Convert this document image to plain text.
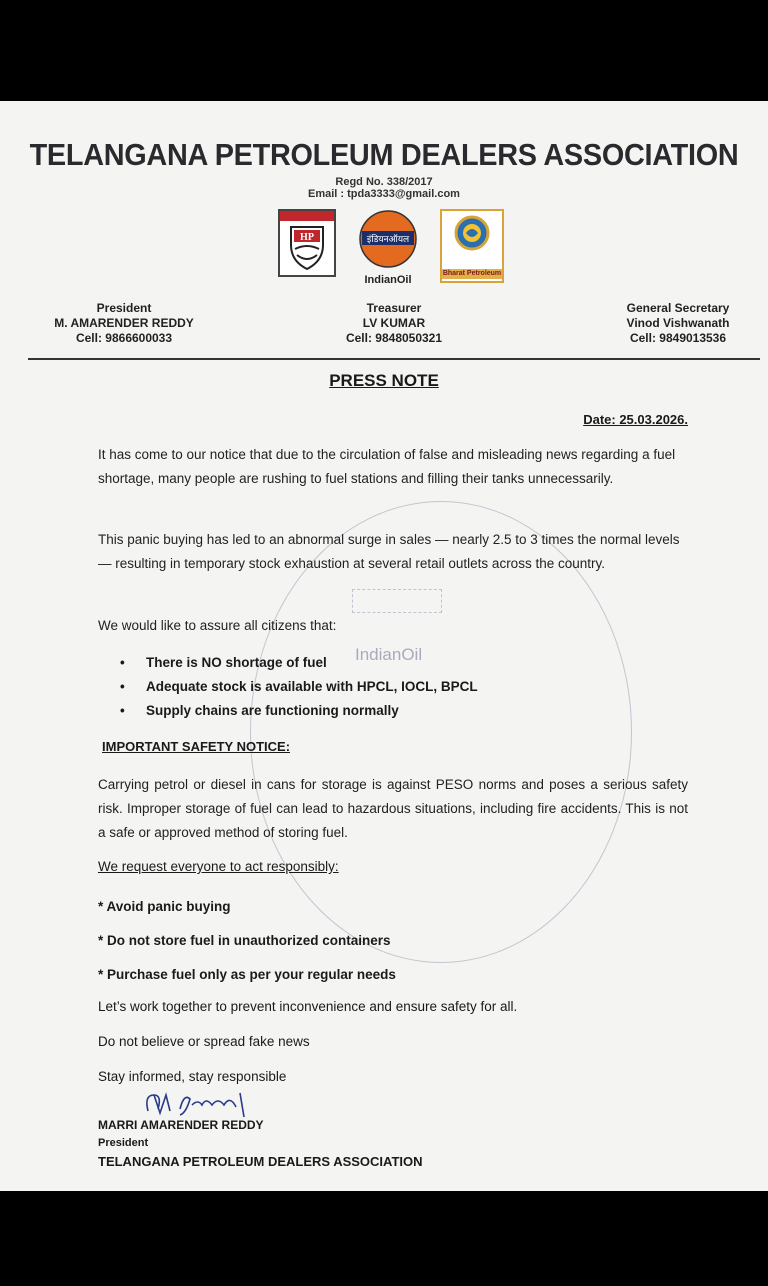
IndianOil
TELANGANA PETROLEUM DEALERS ASSOCIATION
Regd No. 338/2017
Email : tpda3333@gmail.com
HP	इंडियनऑयल
IndianOil
Bharat Petroleum
President
M. AMARENDER REDDY
Cell: 9866600033
Treasurer
LV KUMAR
Cell: 9848050321
General Secretary
Vinod Vishwanath
Cell: 9849013536
PRESS NOTE
Date: 25.03.2026.
It has come to our notice that due to the circulation of false and misleading news regarding a fuel shortage, many people are rushing to fuel stations and filling their tanks unnecessarily.
This panic buying has led to an abnormal surge in sales — nearly 2.5 to 3 times the normal levels — resulting in temporary stock exhaustion at several retail outlets across the country.
We would like to assure all citizens that:
• There is NO shortage of fuel
• Adequate stock is available with HPCL, IOCL, BPCL
• Supply chains are functioning normally
IMPORTANT SAFETY NOTICE:
Carrying petrol or diesel in cans for storage is against PESO norms and poses a serious safety risk. Improper storage of fuel can lead to hazardous situations, including fire accidents. This is not a safe or approved method of storing fuel.
We request everyone to act responsibly:
* Avoid panic buying
* Do not store fuel in unauthorized containers
* Purchase fuel only as per your regular needs
Let’s work together to prevent inconvenience and ensure safety for all.
Do not believe or spread fake news
Stay informed, stay responsible
MARRI AMARENDER REDDY
President
TELANGANA PETROLEUM DEALERS ASSOCIATION
